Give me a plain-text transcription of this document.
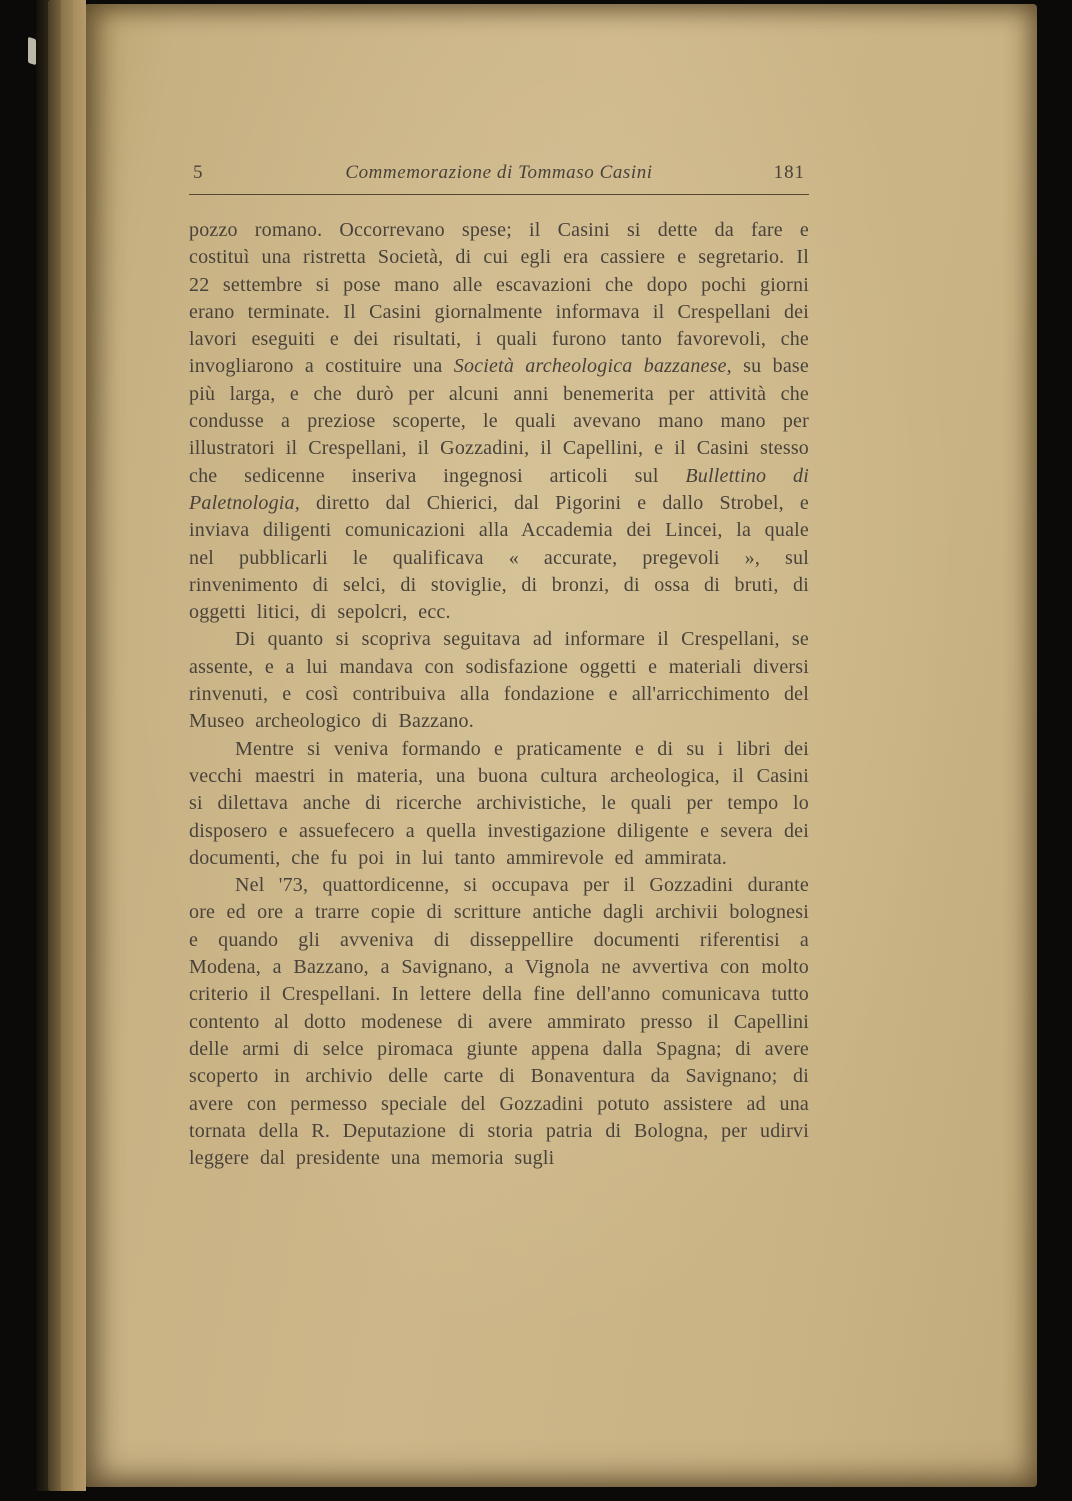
5	Commemorazione di Tommaso Casini	181

pozzo romano. Occorrevano spese; il Casini si dette da fare e costituì una ristretta Società, di cui egli era cassiere e segretario. Il 22 settembre si pose mano alle escavazioni che dopo pochi giorni erano terminate. Il Casini giornalmente informava il Crespellani dei lavori eseguiti e dei risultati, i quali furono tanto favorevoli, che invogliarono a costituire una Società archeologica bazzanese, su base più larga, e che durò per alcuni anni benemerita per attività che condusse a preziose scoperte, le quali avevano mano mano per illustratori il Crespellani, il Gozzadini, il Capellini, e il Casini stesso che sedicenne inseriva ingegnosi articoli sul Bullettino di Paletnologia, diretto dal Chierici, dal Pigorini e dallo Strobel, e inviava diligenti comunicazioni alla Accademia dei Lincei, la quale nel pubblicarli le qualificava « accurate, pregevoli », sul rinvenimento di selci, di stoviglie, di bronzi, di ossa di bruti, di oggetti litici, di sepolcri, ecc.

Di quanto si scopriva seguitava ad informare il Crespellani, se assente, e a lui mandava con sodisfazione oggetti e materiali diversi rinvenuti, e così contribuiva alla fondazione e all'arricchimento del Museo archeologico di Bazzano.

Mentre si veniva formando e praticamente e di su i libri dei vecchi maestri in materia, una buona cultura archeologica, il Casini si dilettava anche di ricerche archivistiche, le quali per tempo lo disposero e assuefecero a quella investigazione diligente e severa dei documenti, che fu poi in lui tanto ammirevole ed ammirata.

Nel '73, quattordicenne, si occupava per il Gozzadini durante ore ed ore a trarre copie di scritture antiche dagli archivii bolognesi e quando gli avveniva di disseppellire documenti riferentisi a Modena, a Bazzano, a Savignano, a Vignola ne avvertiva con molto criterio il Crespellani. In lettere della fine dell'anno comunicava tutto contento al dotto modenese di avere ammirato presso il Capellini delle armi di selce piromaca giunte appena dalla Spagna; di avere scoperto in archivio delle carte di Bonaventura da Savignano; di avere con permesso speciale del Gozzadini potuto assistere ad una tornata della R. Deputazione di storia patria di Bologna, per udirvi leggere dal presidente una memoria sugli
